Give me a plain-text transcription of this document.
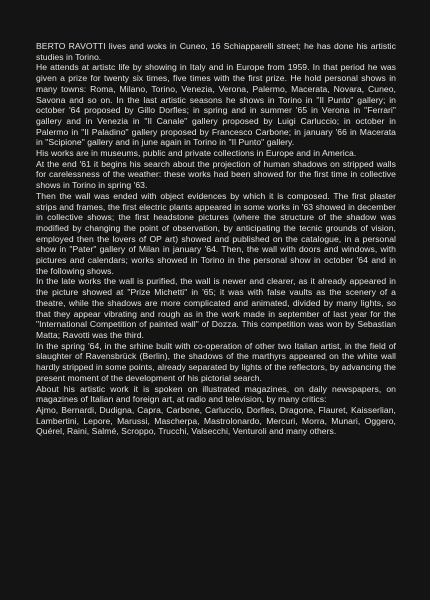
BERTO RAVOTTI lives and woks in Cuneo, 16 Schiapparelli street; he has done his artistic studies in Torino.

He attends at artistc life by showing in Italy and in Europe from 1959. In that period he was given a prize for twenty six times, five times with the first prize. He hold personal shows in many towns: Roma, Milano, Torino, Venezia, Verona, Palermo, Macerata, Novara, Cuneo, Savona and so on. In the last artistic seasons he shows in Torino in "Il Punto" gallery; in october '64 proposed by Gillo Dorfles; in spring and in summer '65 in Verona in "Ferrari" gallery and in Venezia in "Il Canale" gallery proposed by Luigi Carluccio; in october in Palermo in "Il Paladino" gallery proposed by Francesco Carbone; in january '66 in Macerata in "Scipione" gallery and in june again in Torino in "Il Punto" gallery.

His works are in museums, public and private collections in Europe and in America.

At the end '61 it begins his search about the projection of human shadows on stripped walls for carelessness of the weather: these works had been showed for the first time in collective shows in Torino in spring '63.

Then the wall was ended with object evidences by which it is composed. The first plaster strips and frames, the first electric plants appeared in some works in '63 showed in december in collective shows; the first headstone pictures (where the structure of the shadow was modified by changing the point of observation, by anticipating the tecnic grounds of vision, employed then the lovers of OP art) showed and published on the catalogue, in a personal show in "Pater" gallery of Milan in january '64. Then, the wall with doors and windows, with pictures and calendars; works showed in Torino in the personal show in october '64 and in the following shows.

In the late works the wall is purified, the wall is newer and clearer, as it already appeared in the picture showed at "Prize Michetti" in '65; it was with false vaults as the scenery of a theatre, while the shadows are more complicated and animated, divided by many lights, so that they appear vibrating and rough as in the work made in september of last year for the "International Competition of painted wall" of Dozza. This competition was won by Sebastian Matta; Ravotti was the third.

In the spring '64, in the srhine built with co-operation of other two Italian artist, in the field of slaughter of Ravensbrück (Berlin), the shadows of the marthyrs appeared on the white wall hardly stripped in some points, already separated by lights of the reflectors, by advancing the present moment of the development of his pictorial search.

About his artistic work it is spoken on illustrated magazines, on daily newspapers, on magazines of Italian and foreign art, at radio and television, by many critics:

Ajmo, Bernardi, Dudigna, Capra, Carbone, Carluccio, Dorfles, Dragone, Flauret, Kaisserlian, Lambertini, Lepore, Marussi, Mascherpa, Mastrolonardo, Mercuri, Morra, Munari, Oggero, Quérel, Raini, Salmé, Scroppo, Trucchi, Valsecchi, Venturoli and many others.
